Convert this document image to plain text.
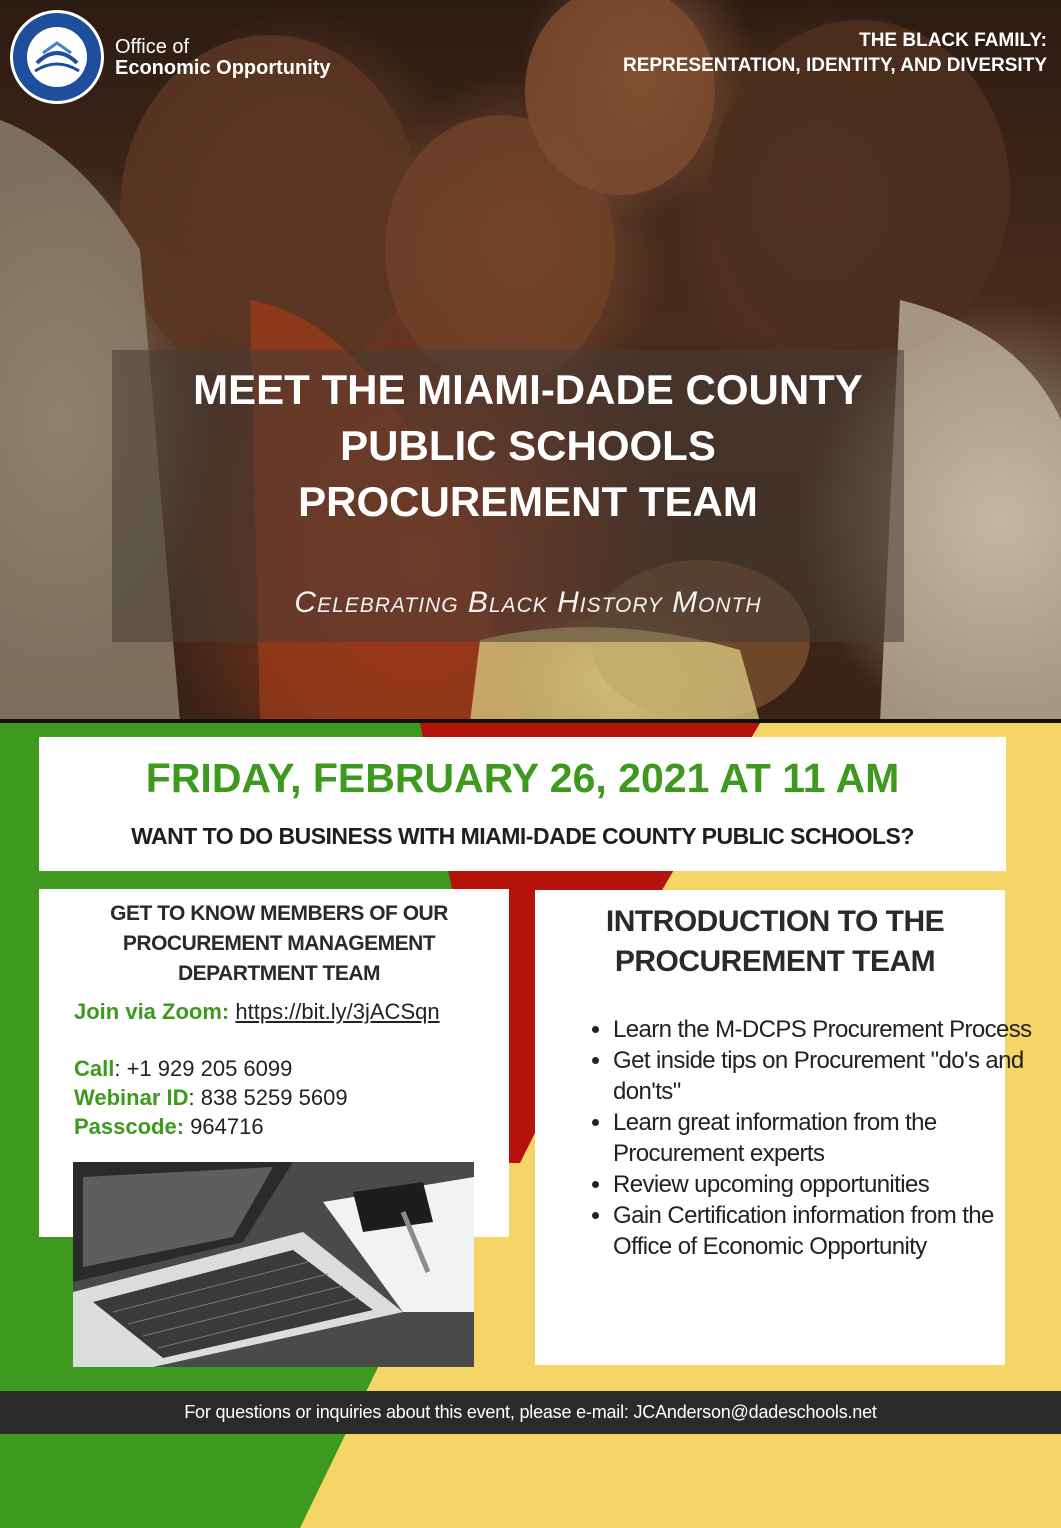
Office of
Economic Opportunity
THE BLACK FAMILY:
REPRESENTATION, IDENTITY, AND DIVERSITY
MEET THE MIAMI-DADE COUNTY
PUBLIC SCHOOLS
PROCUREMENT TEAM
Celebrating Black History Month
FRIDAY, FEBRUARY 26, 2021 AT 11 AM
WANT TO DO BUSINESS WITH MIAMI-DADE COUNTY PUBLIC SCHOOLS?
GET TO KNOW MEMBERS OF OUR
PROCUREMENT MANAGEMENT
DEPARTMENT TEAM
Join via Zoom: https://bit.ly/3jACSqn
Call: +1 929 205 6099
Webinar ID: 838 5259 5609
Passcode: 964716
INTRODUCTION TO THE
PROCUREMENT TEAM
• Learn the M-DCPS Procurement Process
• Get inside tips on Procurement "do's and don'ts"
• Learn great information from the Procurement experts
• Review upcoming opportunities
• Gain Certification information from the Office of Economic Opportunity
For questions or inquiries about this event, please e-mail: JCAnderson@dadeschools.net
